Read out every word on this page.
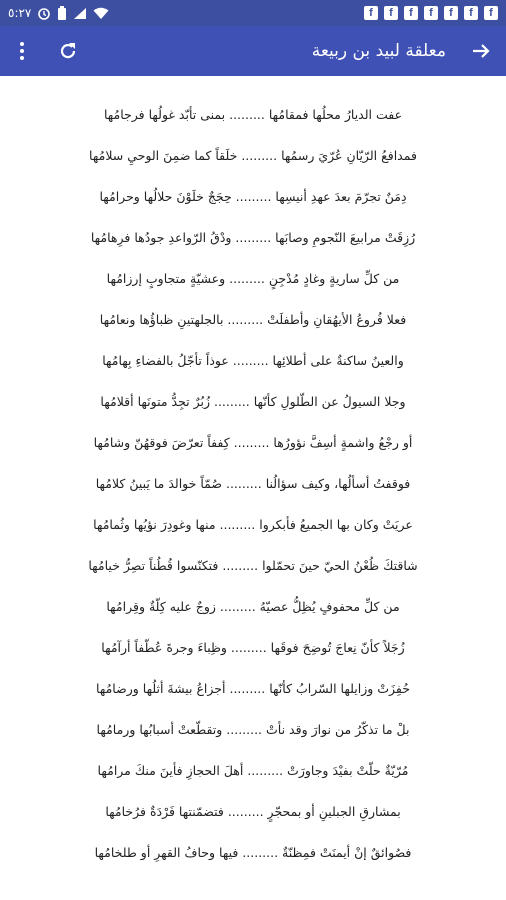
٥:٢٧	f	f	f	f	f	f	f
معلقة لبيد بن ربيعة
عفت الديارُ محلُها فمقامُها ......... بمنى تأبّد غولُها فرجامُها
فمدافعُ الرّيّانِ عُرّيَ رسمُها ......... خلَقاً كما ضمِنَ الوحيِ سلامُها
دِمَنٌ تجرّمَ بعدَ عهدِ أنيسِها ......... حِجَجٌ خلَوْنَ حلالُها وحرامُها
رُزِقَتْ مرابيعَ النّجومِ وصابَها ......... ودْقُ الرّواعدِ جودُها فرِهامُها
من كلِّ ساريةٍ وغادٍ مُدْجِنٍ ......... وعشيّةٍ متجاوبٍ إرزامُها
فعلا فُروعُ الأيهُقانِ وأطفلَتْ ......... بالجلهتينِ ظباؤُها ونعامُها
والعينُ ساكنةٌ على أطلائِها ......... عوذاً تأجّلُ بالفضاءِ بِهامُها
وجلا السيولُ عن الطّلولِ كأنّها ......... زُبُرٌ تجِدُّ متونَها أقلامُها
أو رجْعُ واشمةٍ أسِفَّ نؤورُها ......... كِففاً تعرّضَ فوقهُنّ وشامُها
فوقفتُ أسألُها، وكيف سؤالُنا ......... صُمّاً خوالدَ ما يَبينُ كلامُها
عريَتْ وكان بها الجميعُ فأبكروا ......... منها وغودِرَ نؤيُها وثُمامُها
شاقتكَ ظُعْنُ الحيّ حينَ تحمّلوا ......... فتكنّسوا قُطُناً تصِرُّ خيامُها
من كلِّ محفوفٍ يُظِلُّ عصيّهُ ......... زوجٌ عليه كِلّةٌ وقِرامُها
زُجَلاً كأنّ نِعاجَ تُوضِحَ فوقَها ......... وظِباءَ وجرةَ عُطّفاً أرآمُها
حُفِزَتْ وزايلها السّرابُ كأنّها ......... أجزاعُ بيشةَ أثلُها ورضامُها
بلْ ما تذكّرُ من نوارَ وقد نأتْ ......... وتقطّعتْ أسبابُها ورمامُها
مُرّيّةٌ حلّتْ بفيْدَ وجاورَتْ ......... أهلَ الحجازِ فأينَ منكَ مرامُها
بمشارقِ الجبلينِ أو بمحجّرٍ ......... فتضمّنتها فَرْدَةٌ فرُخامُها
فصُوائقٌ إنْ أيمنَتْ فمِظنّةٌ ......... فيها وحافُ القهرِ أو طلخامُها
